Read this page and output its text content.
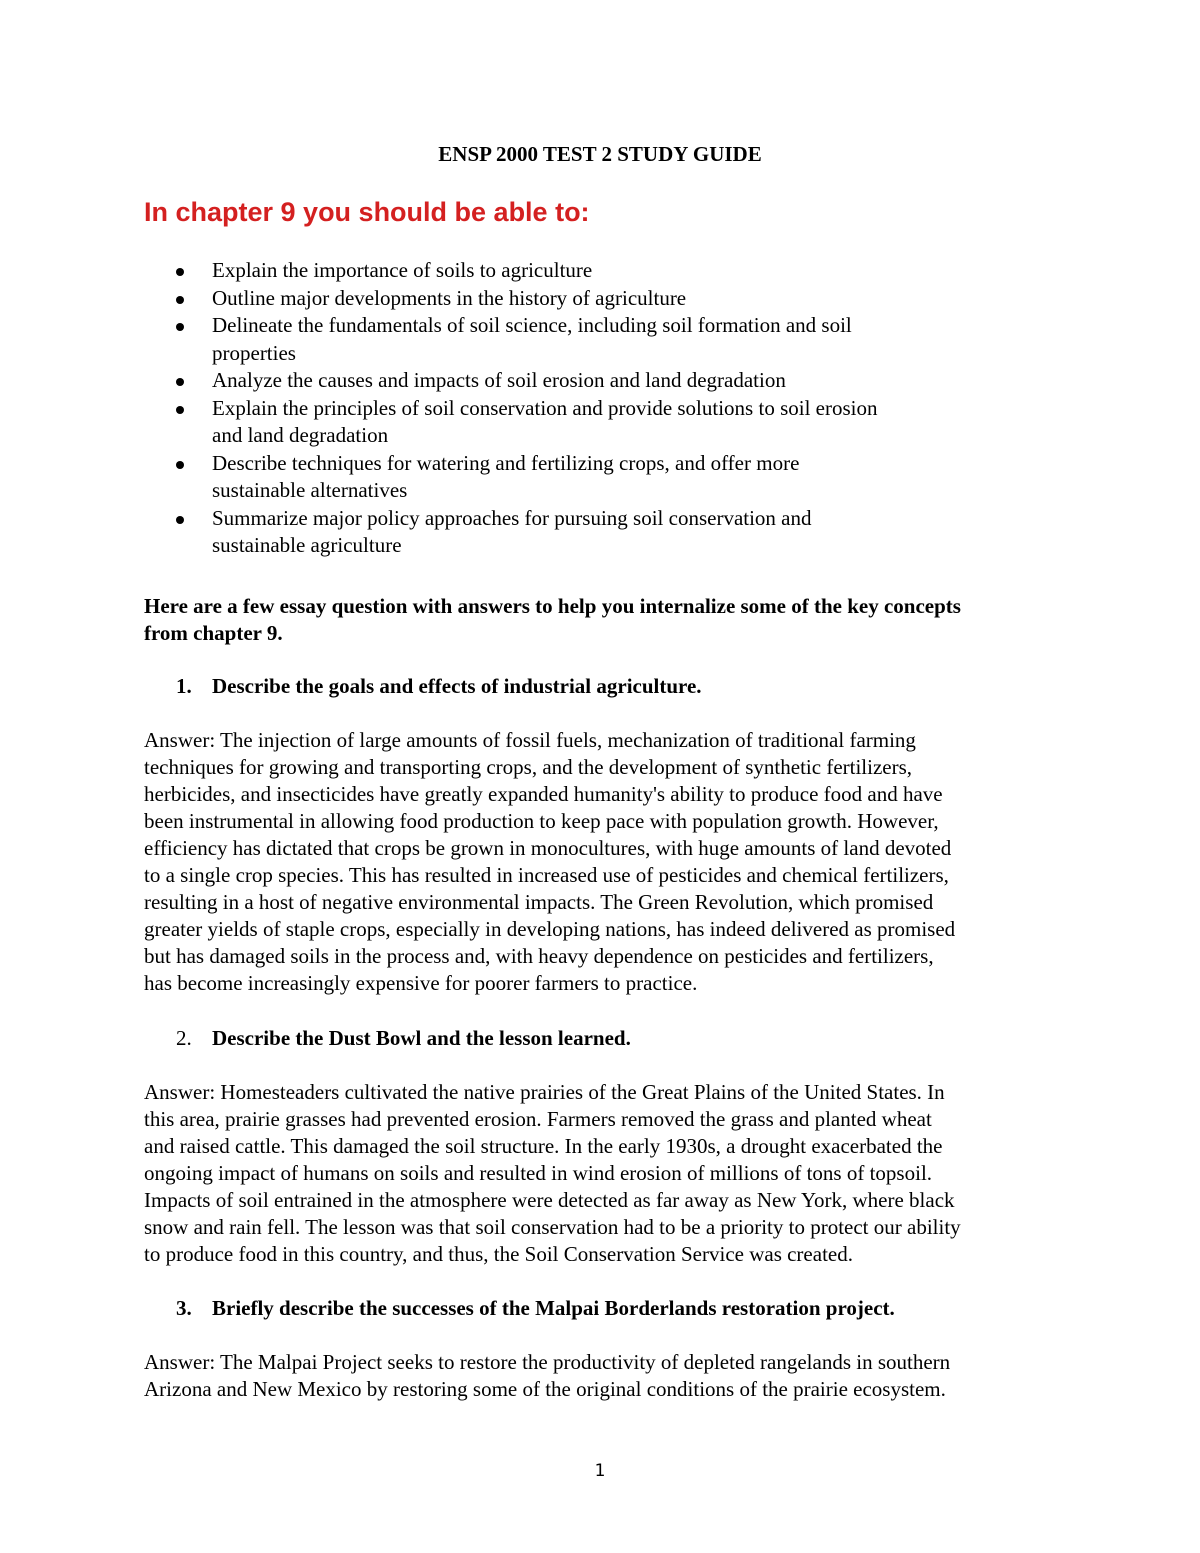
ENSP 2000 TEST 2 STUDY GUIDE
In chapter 9 you should be able to:
Explain the importance of soils to agriculture
Outline major developments in the history of agriculture
Delineate the fundamentals of soil science, including soil formation and soil
properties
Analyze the causes and impacts of soil erosion and land degradation
Explain the principles of soil conservation and provide solutions to soil erosion
and land degradation
Describe techniques for watering and fertilizing crops, and offer more
sustainable alternatives
Summarize major policy approaches for pursuing soil conservation and
sustainable agriculture
Here are a few essay question with answers to help you internalize some of the key concepts
from chapter 9.
1. Describe the goals and effects of industrial agriculture.
Answer: The injection of large amounts of fossil fuels, mechanization of traditional farming
techniques for growing and transporting crops, and the development of synthetic fertilizers,
herbicides, and insecticides have greatly expanded humanity's ability to produce food and have
been instrumental in allowing food production to keep pace with population growth. However,
efficiency has dictated that crops be grown in monocultures, with huge amounts of land devoted
to a single crop species. This has resulted in increased use of pesticides and chemical fertilizers,
resulting in a host of negative environmental impacts. The Green Revolution, which promised
greater yields of staple crops, especially in developing nations, has indeed delivered as promised
but has damaged soils in the process and, with heavy dependence on pesticides and fertilizers,
has become increasingly expensive for poorer farmers to practice.
2. Describe the Dust Bowl and the lesson learned.
Answer: Homesteaders cultivated the native prairies of the Great Plains of the United States. In
this area, prairie grasses had prevented erosion. Farmers removed the grass and planted wheat
and raised cattle. This damaged the soil structure. In the early 1930s, a drought exacerbated the
ongoing impact of humans on soils and resulted in wind erosion of millions of tons of topsoil.
Impacts of soil entrained in the atmosphere were detected as far away as New York, where black
snow and rain fell. The lesson was that soil conservation had to be a priority to protect our ability
to produce food in this country, and thus, the Soil Conservation Service was created.
3. Briefly describe the successes of the Malpai Borderlands restoration project.
Answer: The Malpai Project seeks to restore the productivity of depleted rangelands in southern
Arizona and New Mexico by restoring some of the original conditions of the prairie ecosystem.
1
